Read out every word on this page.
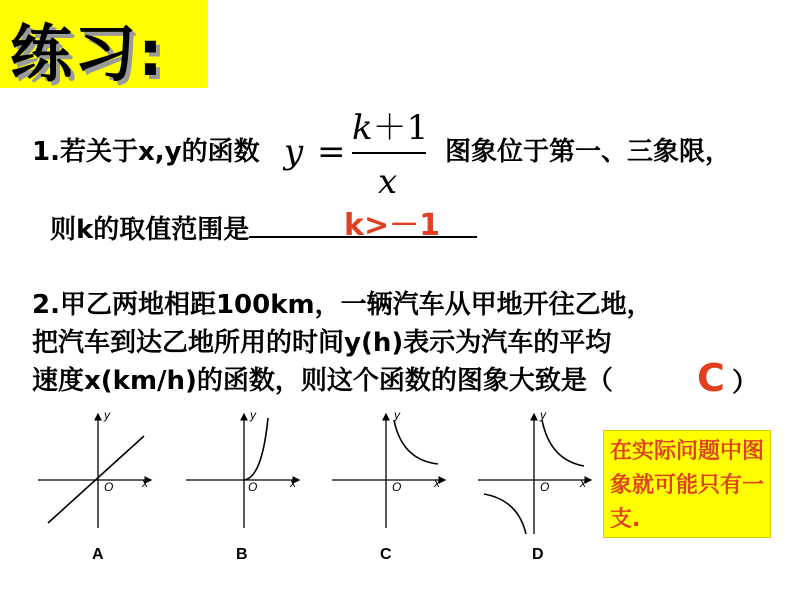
练习:
1.若关于x,y的函数 y =
k＋1
x
图象位于第一、三象限，
则k的取值范围是	k>－1
2.甲乙两地相距100km，一辆汽车从甲地开往乙地，
把汽车到达乙地所用的时间y(h)表示为汽车的平均
速度x(km/h)的函数，则这个函数的图象大致是（	C ）
y
x
O
A
y
x
O
B
y
x
O
C
y
x
O
D
在实际问题中图象就可能只有一支.
